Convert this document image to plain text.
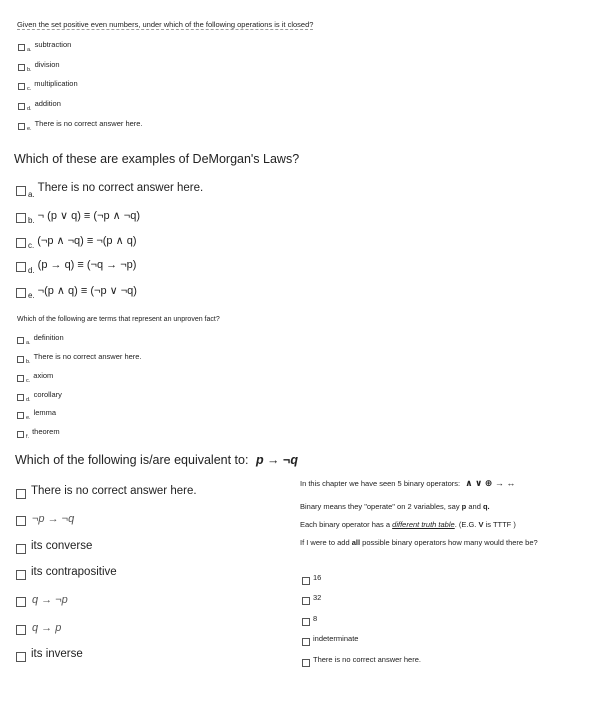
Given the set positive even numbers, under which of the following operations is it closed?
a.
subtraction
b.
division
c.
multiplication
d.
addition
e.
There is no correct answer here.
Which of these are examples of DeMorgan's Laws?
a. There is no correct answer here.
b. ¬ (p ∨ q) ≡ (¬p ∧ ¬q)
c. (¬p ∧ ¬q) ≡ ¬(p ∧ q)
d. (p → q) ≡ (¬q → ¬p)
e. ¬(p ∧ q) ≡ (¬p ∨ ¬q)
Which of the following are terms that represent an unproven fact?
a.
definition
b.
There is no correct answer here.
c.
axiom
d.
corollary
e.
lemma
f.
theorem
Which of the following is/are equivalent to: p → ¬q
There is no correct answer here.
¬p → ¬q
its converse
its contrapositive
q → ¬p
q → p
its inverse
In this chapter we have seen 5 binary operators: ∧ ∨ ⊕ → ↔
Binary means they "operate" on 2 variables, say p and q.
Each binary operator has a different truth table. (E.G. V is TTTF )
If I were to add all possible binary operators how many would there be?
16
32
8
indeterminate
There is no correct answer here.
